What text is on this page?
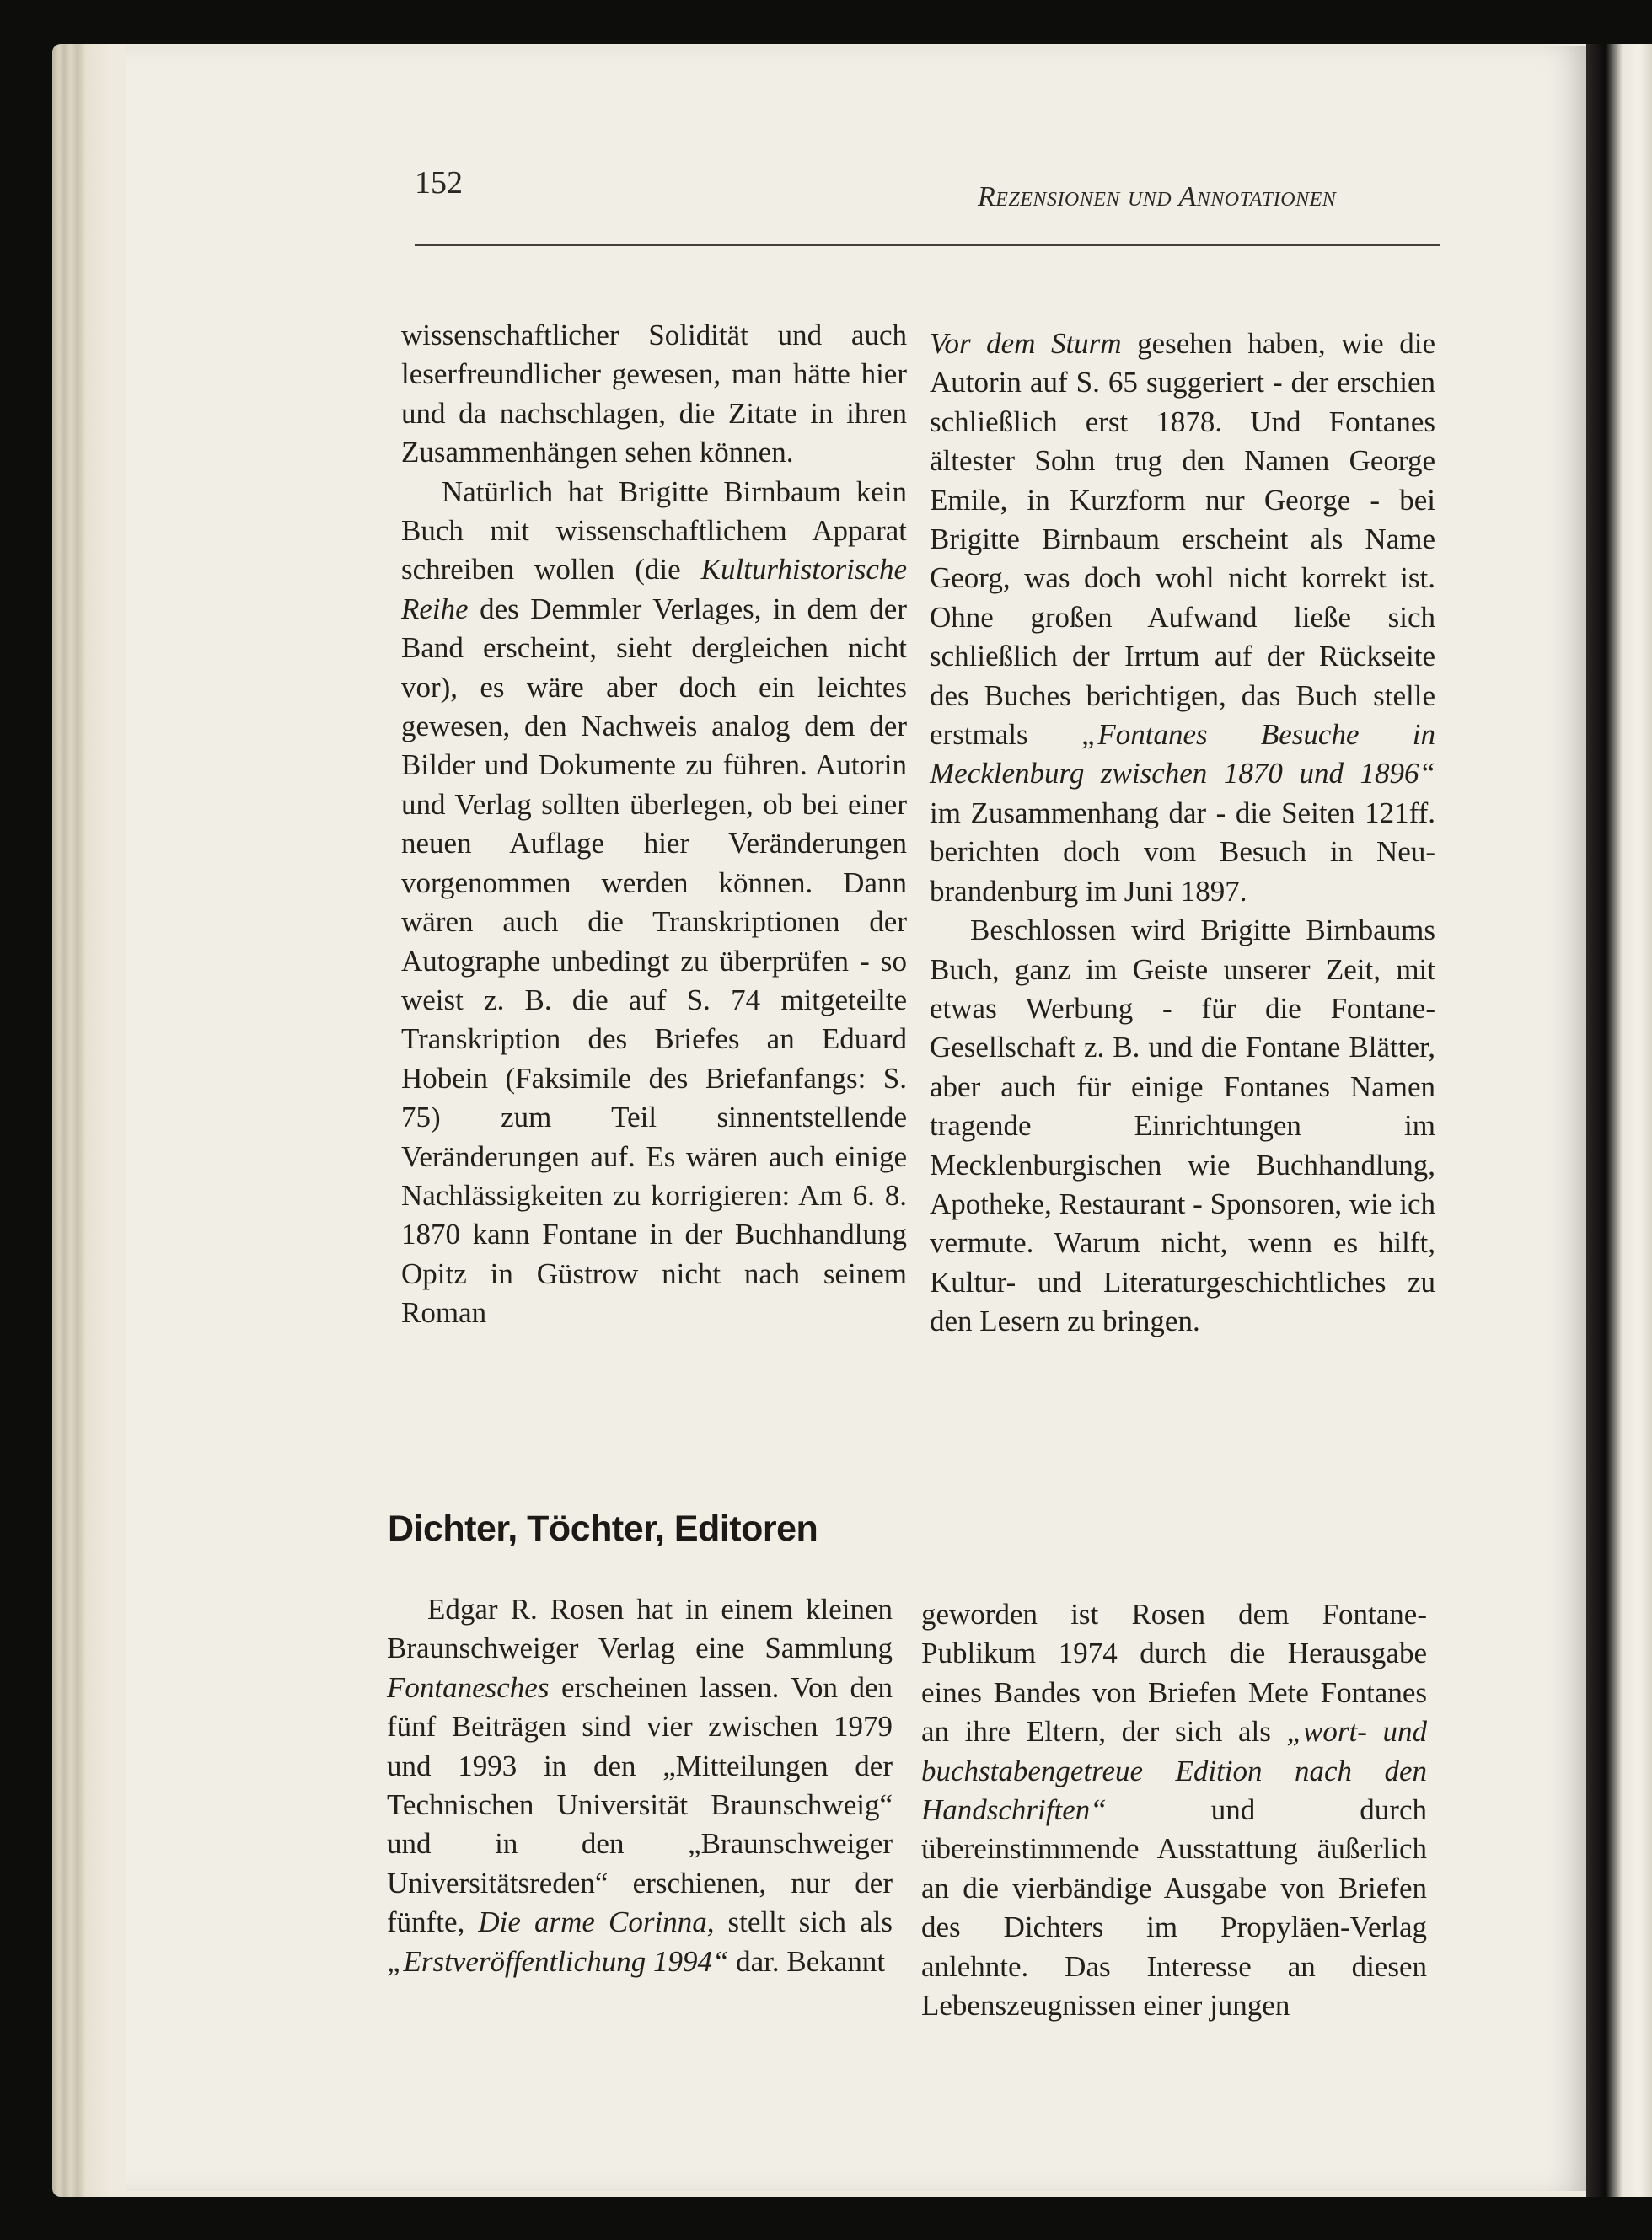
152	Rezensionen und Annotationen

wissenschaftlicher Solidität und auch leserfreundlicher gewesen, man hätte hier und da nachschlagen, die Zitate in ihren Zusammenhängen sehen können.

Natürlich hat Brigitte Birnbaum kein Buch mit wissenschaftlichem Apparat schreiben wollen (die Kulturhistorische Reihe des Demmler Verlages, in dem der Band erscheint, sieht dergleichen nicht vor), es wäre aber doch ein leichtes gewesen, den Nachweis analog dem der Bilder und Dokumente zu führen. Autorin und Verlag sollten überlegen, ob bei einer neuen Auflage hier Veränderungen vorgenommen werden können. Dann wären auch die Transkriptionen der Autographe unbedingt zu überprüfen - so weist z. B. die auf S. 74 mitgeteilte Transkription des Briefes an Eduard Hobein (Faksimile des Briefanfangs: S. 75) zum Teil sinnentstellende Veränderungen auf. Es wären auch einige Nachlässigkeiten zu korrigieren: Am 6. 8. 1870 kann Fontane in der Buchhandlung Opitz in Güstrow nicht nach seinem Roman

Vor dem Sturm gesehen haben, wie die Autorin auf S. 65 suggeriert - der erschien schließlich erst 1878. Und Fontanes ältester Sohn trug den Namen George Emile, in Kurzform nur George - bei Brigitte Birnbaum erscheint als Name Georg, was doch wohl nicht korrekt ist. Ohne großen Aufwand ließe sich schließlich der Irrtum auf der Rückseite des Buches berichtigen, das Buch stelle erstmals „Fontanes Besuche in Mecklenburg zwischen 1870 und 1896“ im Zusammenhang dar - die Seiten 121ff. berichten doch vom Besuch in Neubrandenburg im Juni 1897.

Beschlossen wird Brigitte Birnbaums Buch, ganz im Geiste unserer Zeit, mit etwas Werbung - für die Fontane-Gesellschaft z. B. und die Fontane Blätter, aber auch für einige Fontanes Namen tragende Einrichtungen im Mecklenburgischen wie Buchhandlung, Apotheke, Restaurant - Sponsoren, wie ich vermute. Warum nicht, wenn es hilft, Kultur- und Literaturgeschichtliches zu den Lesern zu bringen.

Dichter, Töchter, Editoren

Edgar R. Rosen hat in einem kleinen Braunschweiger Verlag eine Sammlung Fontanesches erscheinen lassen. Von den fünf Beiträgen sind vier zwischen 1979 und 1993 in den „Mitteilungen der Technischen Universität Braunschweig“ und in den „Braunschweiger Universitätsreden“ erschienen, nur der fünfte, Die arme Corinna, stellt sich als „Erstveröffentlichung 1994“ dar. Bekannt

geworden ist Rosen dem Fontane-Publikum 1974 durch die Herausgabe eines Bandes von Briefen Mete Fontanes an ihre Eltern, der sich als „wort- und buchstabengetreue Edition nach den Handschriften“ und durch übereinstimmende Ausstattung äußerlich an die vierbändige Ausgabe von Briefen des Dichters im Propyläen-Verlag anlehnte. Das Interesse an diesen Lebenszeugnissen einer jungen
